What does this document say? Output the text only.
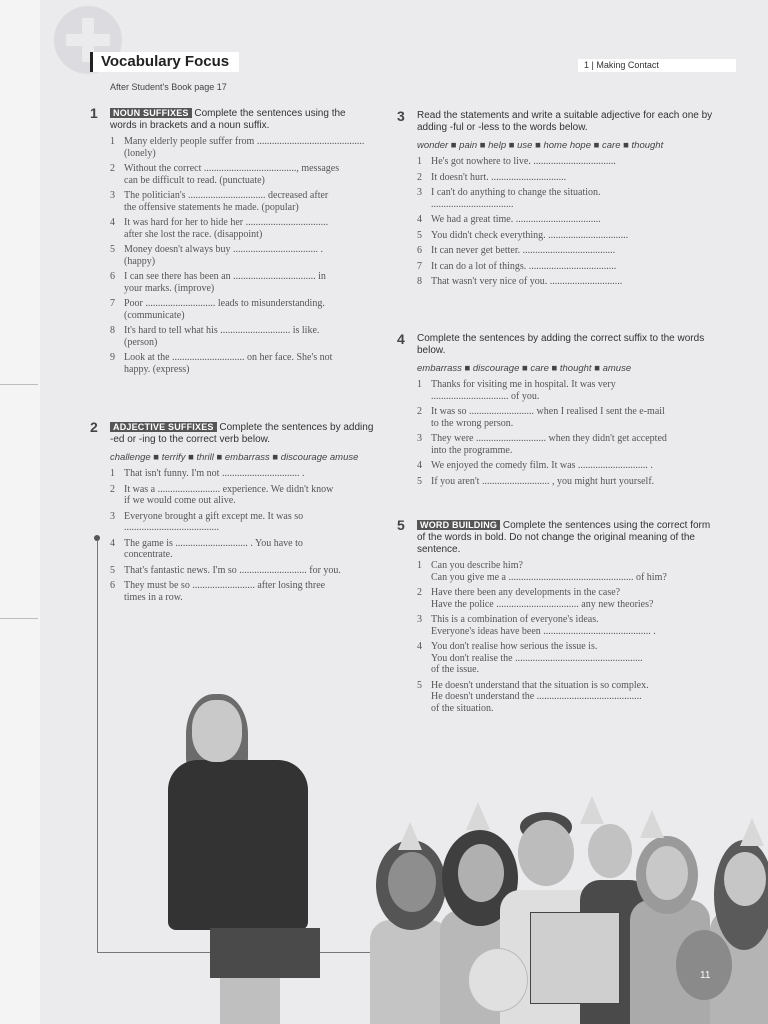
Vocabulary Focus	1 | Making Contact
After Student's Book page 17
1	NOUN SUFFIXES Complete the sentences using the words in brackets and a noun suffix.
1 Many elderly people suffer from ...........................................
(lonely)
2 Without the correct ....................................., messages
can be difficult to read. (punctuate)
3 The politician's ............................... decreased after
the offensive statements he made. (popular)
4 It was hard for her to hide her .................................
after she lost the race. (disappoint)
5 Money doesn't always buy .................................. .
(happy)
6 I can see there has been an ................................. in
your marks. (improve)
7 Poor ............................ leads to misunderstanding.
(communicate)
8 It's hard to tell what his ............................ is like.
(person)
9 Look at the ............................. on her face. She's not
happy. (express)
2	ADJECTIVE SUFFIXES Complete the sentences by adding -ed or -ing to the correct verb below.
challenge ■ terrify ■ thrill ■ embarrass ■ discourage amuse
1 That isn't funny. I'm not ............................... .
2 It was a ......................... experience. We didn't know
if we would come out alive.
3 Everyone brought a gift except me. It was so
......................................
4 The game is ............................. . You have to
concentrate.
5 That's fantastic news. I'm so ........................... for you.
6 They must be so ......................... after losing three
times in a row.
3 Read the statements and write a suitable adjective for each one by adding -ful or -less to the words below.
wonder ■ pain ■ help ■ use ■ home hope ■ care ■ thought
1 He's got nowhere to live. .................................
2 It doesn't hurt. ..............................
3 I can't do anything to change the situation.
.................................
4 We had a great time. ..................................
5 You didn't check everything. ................................
6 It can never get better. .....................................
7 It can do a lot of things. ...................................
8 That wasn't very nice of you. .............................
4 Complete the sentences by adding the correct suffix to the words below.
embarrass ■ discourage ■ care ■ thought ■ amuse
1 Thanks for visiting me in hospital. It was very
............................... of you.
2 It was so .......................... when I realised I sent the e-mail
to the wrong person.
3 They were ............................ when they didn't get accepted
into the programme.
4 We enjoyed the comedy film. It was ............................ .
5 If you aren't ........................... , you might hurt yourself.
5	WORD BUILDING Complete the sentences using the correct form of the words in bold. Do not change the original meaning of the sentence.
1 Can you describe him?
Can you give me a .................................................. of him?
2 Have there been any developments in the case?
Have the police ................................. any new theories?
3 This is a combination of everyone's ideas.
Everyone's ideas have been ........................................... .
4 You don't realise how serious the issue is.
You don't realise the ...................................................
of the issue.
5 He doesn't understand that the situation is so complex.
He doesn't understand the ..........................................
of the situation.
11
